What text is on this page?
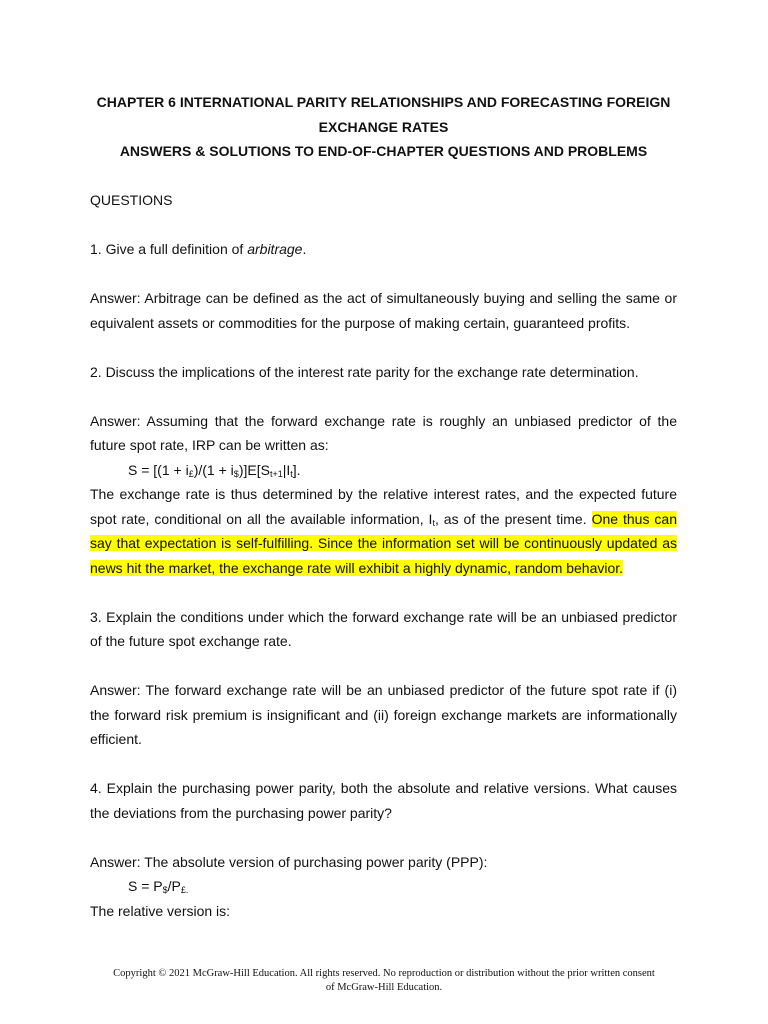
CHAPTER 6 INTERNATIONAL PARITY RELATIONSHIPS AND FORECASTING FOREIGN

EXCHANGE RATES

ANSWERS & SOLUTIONS TO END-OF-CHAPTER QUESTIONS AND PROBLEMS

QUESTIONS

1. Give a full definition of arbitrage.

Answer: Arbitrage can be defined as the act of simultaneously buying and selling the same or equivalent assets or commodities for the purpose of making certain, guaranteed profits.

2. Discuss the implications of the interest rate parity for the exchange rate determination.

Answer: Assuming that the forward exchange rate is roughly an unbiased predictor of the future spot rate, IRP can be written as:

$S = [(1 + i_£)/(1 + i_{\$})]E[S_{t+1}|I_t]$.

The exchange rate is thus determined by the relative interest rates, and the expected future spot rate, conditional on all the available information, $I_t$, as of the present time. One thus can say that expectation is self-fulfilling. Since the information set will be continuously updated as news hit the market, the exchange rate will exhibit a highly dynamic, random behavior.

3. Explain the conditions under which the forward exchange rate will be an unbiased predictor of the future spot exchange rate.

Answer: The forward exchange rate will be an unbiased predictor of the future spot rate if (i) the forward risk premium is insignificant and (ii) foreign exchange markets are informationally efficient.

4. Explain the purchasing power parity, both the absolute and relative versions. What causes the deviations from the purchasing power parity?

Answer: The absolute version of purchasing power parity (PPP):

$S = P_{\$}/P_{£.}$

The relative version is:

Copyright © 2021 McGraw-Hill Education. All rights reserved. No reproduction or distribution without the prior written consent
of McGraw-Hill Education.
